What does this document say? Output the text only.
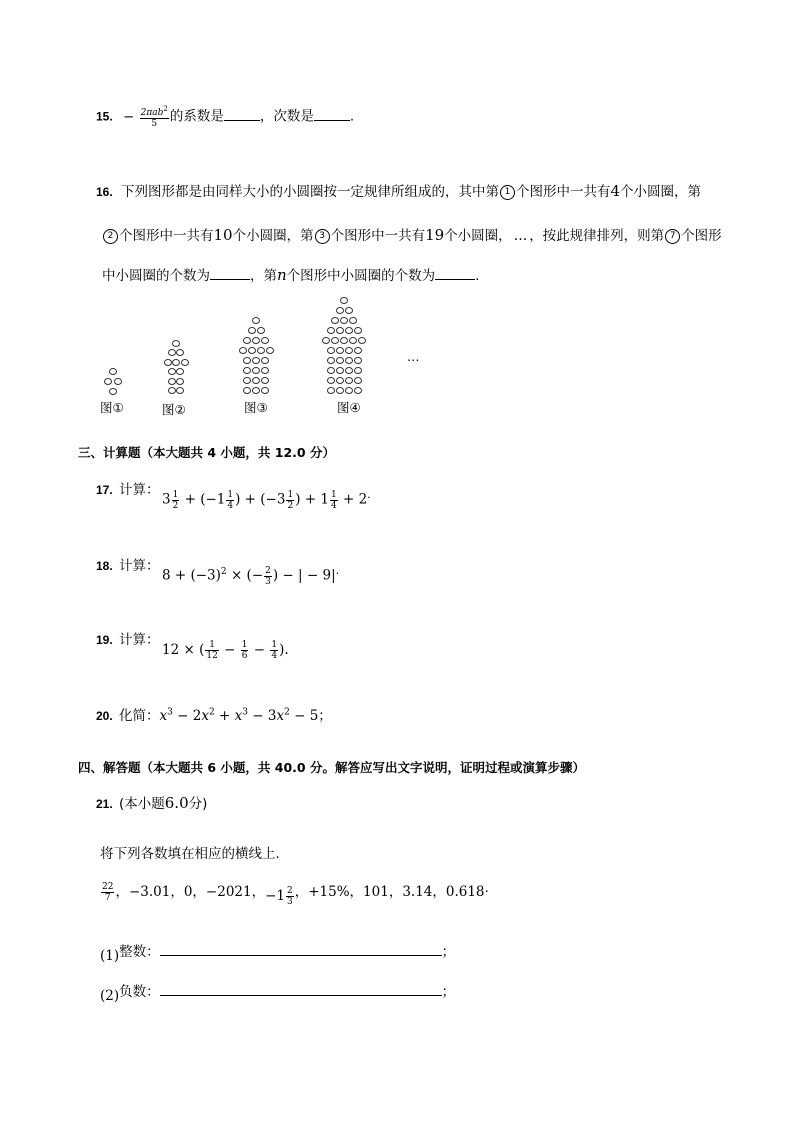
15. − $\frac{2\pi ab^2}{5}$ 的系数是	，次数是	.
16. 下列图形都是由同样大小的小圆圈按一定规律所组成的，其中第 1 个图形中一共有4个小圆圈，第
2 个图形中一共有10个小圆圈，第 3 个图形中一共有19个小圆圈， … ，按此规律排列，则第 7 个图形
中小圆圈的个数为	，第n个图形中小圆圈的个数为	.
图①	图②	图③	图④
…
三、计算题（本大题共 4 小题，共 12.0 分）
17. 计算：
$3 \frac{1}{2} + (-1 \frac{1}{4}$ ) + ($-3 \frac{1}{2}$ ) + $1 \frac{1}{4} + 2^.$
18. 计算：
$8 + (-3)^2$ × (− $\frac{2}{3}$ ) − | − 9|.
19. 计算：
12 × ( $\frac{1}{12} - \frac{1}{6} - \frac{1}{4}$ ).
20. 化简：$x^3 - 2x^2 + x^3 - 3x^2 - 5$；
四、解答题（本大题共 6 小题，共 40.0 分。解答应写出文字说明，证明过程或演算步骤）
21. (本小题6.0分)
将下列各数填在相应的横线上．
$\frac{22}{7}$ ，−3.01，0，−2021，$-1 \frac{2}{3}$ ，+15%，101，3.14，0.618·
(1)整数：	；
(2)负数：	；
